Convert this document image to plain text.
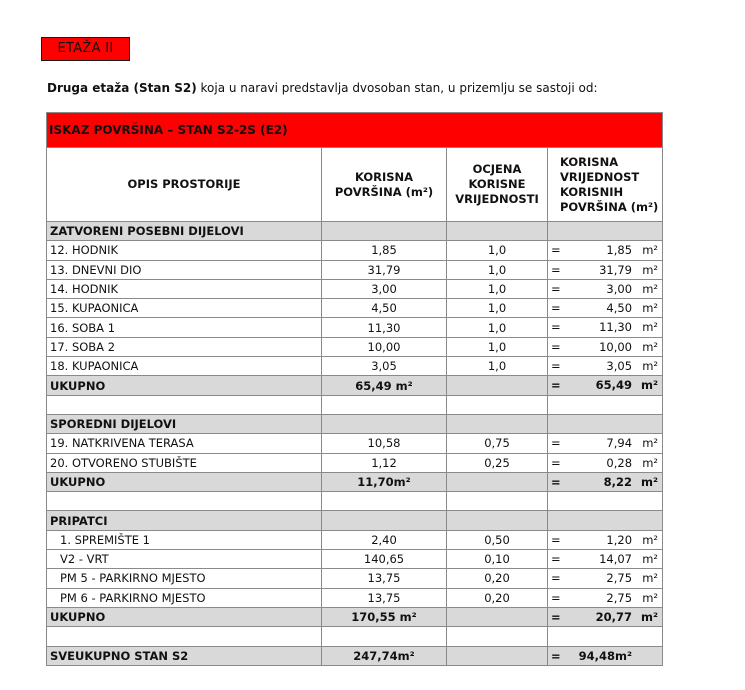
ETAŽA II
Druga etaža (Stan S2) koja u naravi predstavlja dvosoban stan, u prizemlju se sastoji od:
ISKAZ POVRŠINA – STAN S2-2S (E2)			
OPIS PROSTORIJE	KORISNA POVRŠINA (m²)	OCJENA KORISNE VRIJEDNOSTI	KORISNA VRIJEDNOST KORISNIH POVRŠINA (m²)
ZATVORENI POSEBNI DIJELOVI			
12. HODNIK	1,85	1,0	= 1,85 m²

13. DNEVNI DIO	31,79	1,0	= 31,79 m²

14. HODNIK	3,00	1,0	= 3,00 m²

15. KUPAONICA	4,50	1,0	= 4,50 m²

16. SOBA 1	11,30	1,0	= 11,30 m²

17. SOBA 2	10,00	1,0	= 10,00 m²

18. KUPAONICA	3,05	1,0	= 3,05 m²

UKUPNO	65,49 m²		= 65,49 m²

SPOREDNI DIJELOVI			
19. NATKRIVENA TERASA	10,58	0,75	= 7,94 m²

20. OTVORENO STUBIŠTE	1,12	0,25	= 0,28 m²

UKUPNO	11,70m²		= 8,22 m²

PRIPATCI			
1. SPREMIŠTE 1	2,40	0,50	= 1,20 m²

V2 - VRT	140,65	0,10	= 14,07 m²

PM 5 - PARKIRNO MJESTO	13,75	0,20	= 2,75 m²

PM 6 - PARKIRNO MJESTO	13,75	0,20	= 2,75 m²

UKUPNO	170,55 m²		= 20,77 m²

SVEUKUPNO STAN S2	247,74m²		= 94,48m²
